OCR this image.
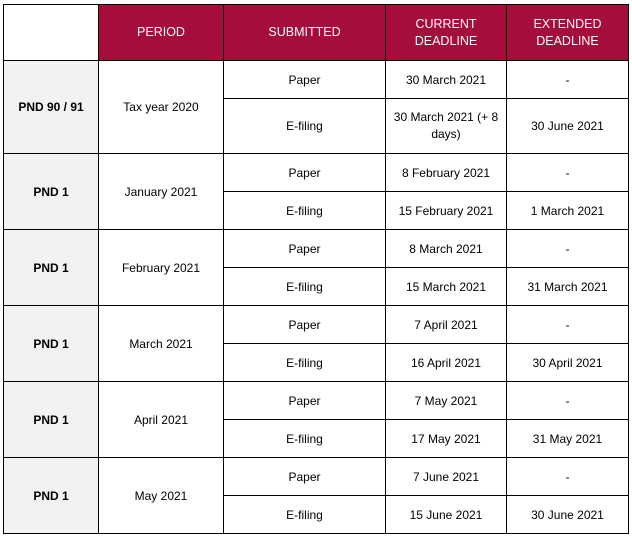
	PERIOD	SUBMITTED	CURRENT DEADLINE	EXTENDED DEADLINE
PND 90 / 91	Tax year 2020	Paper	30 March 2021	-
		E-filing	30 March 2021 (+ 8 days)	30 June 2021
PND 1	January 2021	Paper	8 February 2021	-
		E-filing	15 February 2021	1 March 2021
PND 1	February 2021	Paper	8 March 2021	-
		E-filing	15 March 2021	31 March 2021
PND 1	March 2021	Paper	7 April 2021	-
		E-filing	16 April 2021	30 April 2021
PND 1	April 2021	Paper	7 May 2021	-
		E-filing	17 May 2021	31 May 2021
PND 1	May 2021	Paper	7 June 2021	-
		E-filing	15 June 2021	30 June 2021
